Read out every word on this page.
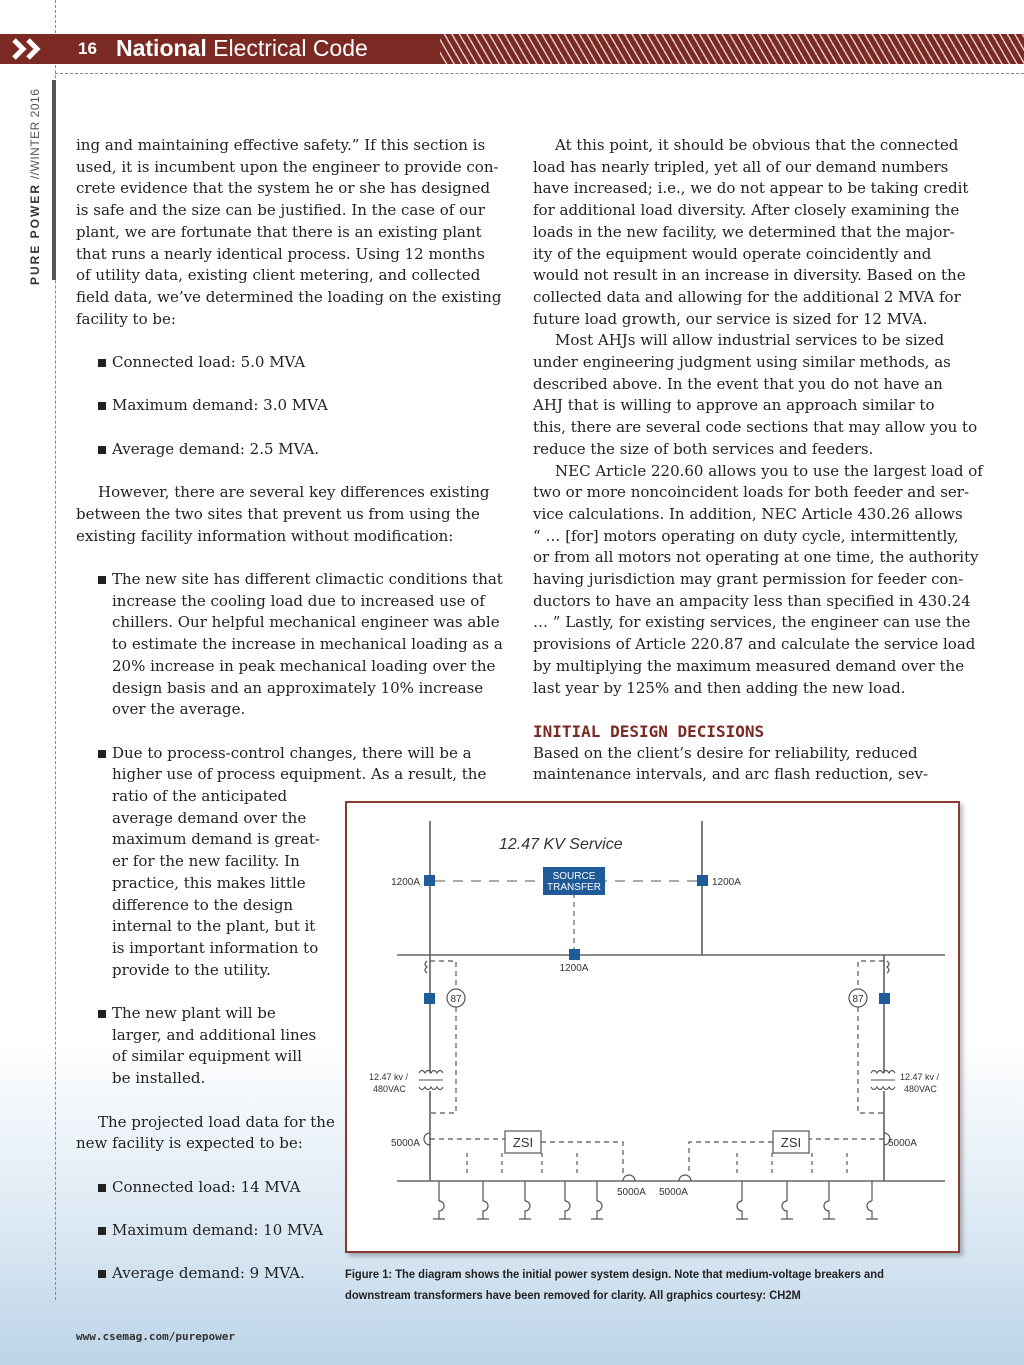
16 National Electrical Code
PURE POWER //WINTER 2016 ing and maintaining effective safety.” If this section is

used, it is incumbent upon the engineer to provide con-

crete evidence that the system he or she has designed

is safe and the size can be justified. In the case of our

plant, we are fortunate that there is an existing plant

that runs a nearly identical process. Using 12 months

of utility data, existing client metering, and collected

field data, we’ve determined the loading on the existing

facility to be:

Connected load: 5.0 MVA

Maximum demand: 3.0 MVA

Average demand: 2.5 MVA.

However, there are several key differences existing

between the two sites that prevent us from using the

existing facility information without modification:

The new site has different climactic conditions that

increase the cooling load due to increased use of

chillers. Our helpful mechanical engineer was able

to estimate the increase in mechanical loading as a

20% increase in peak mechanical loading over the

design basis and an approximately 10% increase

over the average.

Due to process-control changes, there will be a

higher use of process equipment. As a result, the

ratio of the anticipated

average demand over the

maximum demand is great-

er for the new facility. In

practice, this makes little

difference to the design

internal to the plant, but it

is important information to

provide to the utility.

The new plant will be

larger, and additional lines

of similar equipment will

be installed.

The projected load data for the

new facility is expected to be:

Connected load: 14 MVA

Maximum demand: 10 MVA

Average demand: 9 MVA.

At this point, it should be obvious that the connected

load has nearly tripled, yet all of our demand numbers

have increased; i.e., we do not appear to be taking credit

for additional load diversity. After closely examining the

loads in the new facility, we determined that the major-

ity of the equipment would operate coincidently and

would not result in an increase in diversity. Based on the

collected data and allowing for the additional 2 MVA for

future load growth, our service is sized for 12 MVA.

Most AHJs will allow industrial services to be sized

under engineering judgment using similar methods, as

described above. In the event that you do not have an

AHJ that is willing to approve an approach similar to

this, there are several code sections that may allow you to

reduce the size of both services and feeders.

NEC Article 220.60 allows you to use the largest load of

two or more noncoincident loads for both feeder and ser-

vice calculations. In addition, NEC Article 430.26 allows

“ … [for] motors operating on duty cycle, intermittently,

or from all motors not operating at one time, the authority

having jurisdiction may grant permission for feeder con-

ductors to have an ampacity less than specified in 430.24

… ” Lastly, for existing services, the engineer can use the

provisions of Article 220.87 and calculate the service load

by multiplying the maximum measured demand over the

last year by 125% and then adding the new load.

INITIAL DESIGN DECISIONS

Based on the client’s desire for reliability, reduced

maintenance intervals, and arc flash reduction, sev-

12.47 KV Service
SOURCE
TRANSFER
1200A	1200A
1200A
87
12.47 kv /
480VAC
5000A
87
12.47 kv /
480VAC
5000A
ZSI	ZSI
5000A 5000A

Figure 1: The diagram shows the initial power system design. Note that medium-voltage breakers and

downstream transformers have been removed for clarity. All graphics courtesy: CH2M

www.csemag.com/purepower
